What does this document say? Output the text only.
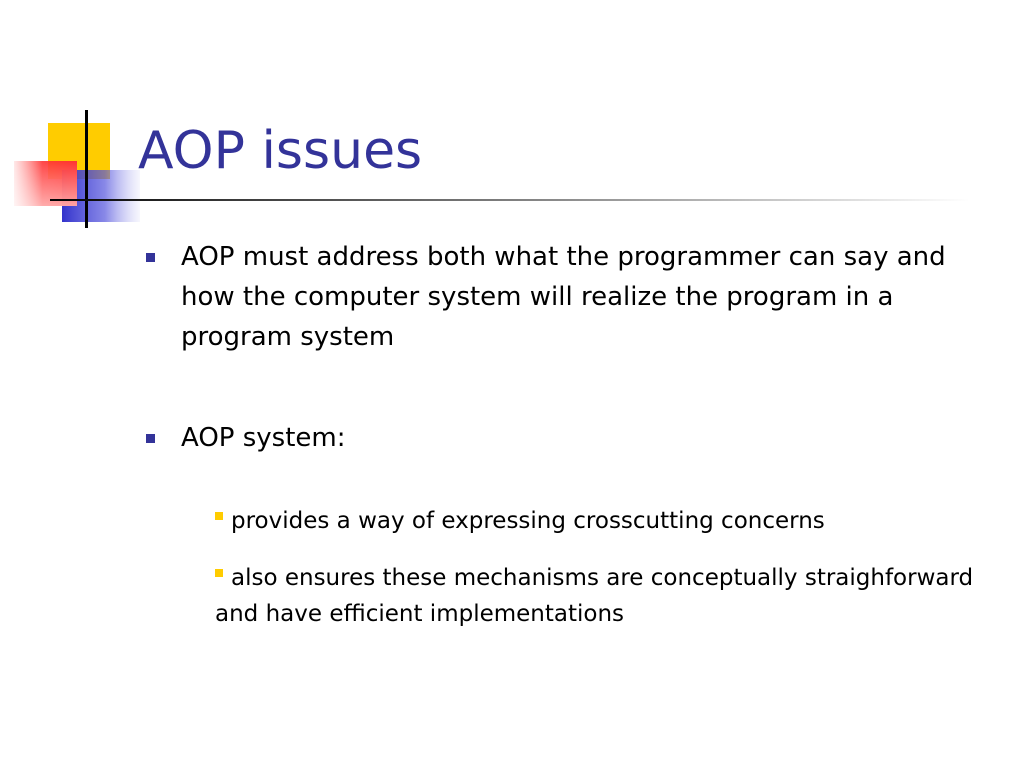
AOP issues
AOP must address both what the programmer can say and how the computer system will realize the program in a program system
AOP system:
provides a way of expressing crosscutting concerns
also ensures these mechanisms are conceptually straighforward and have efficient implementations
